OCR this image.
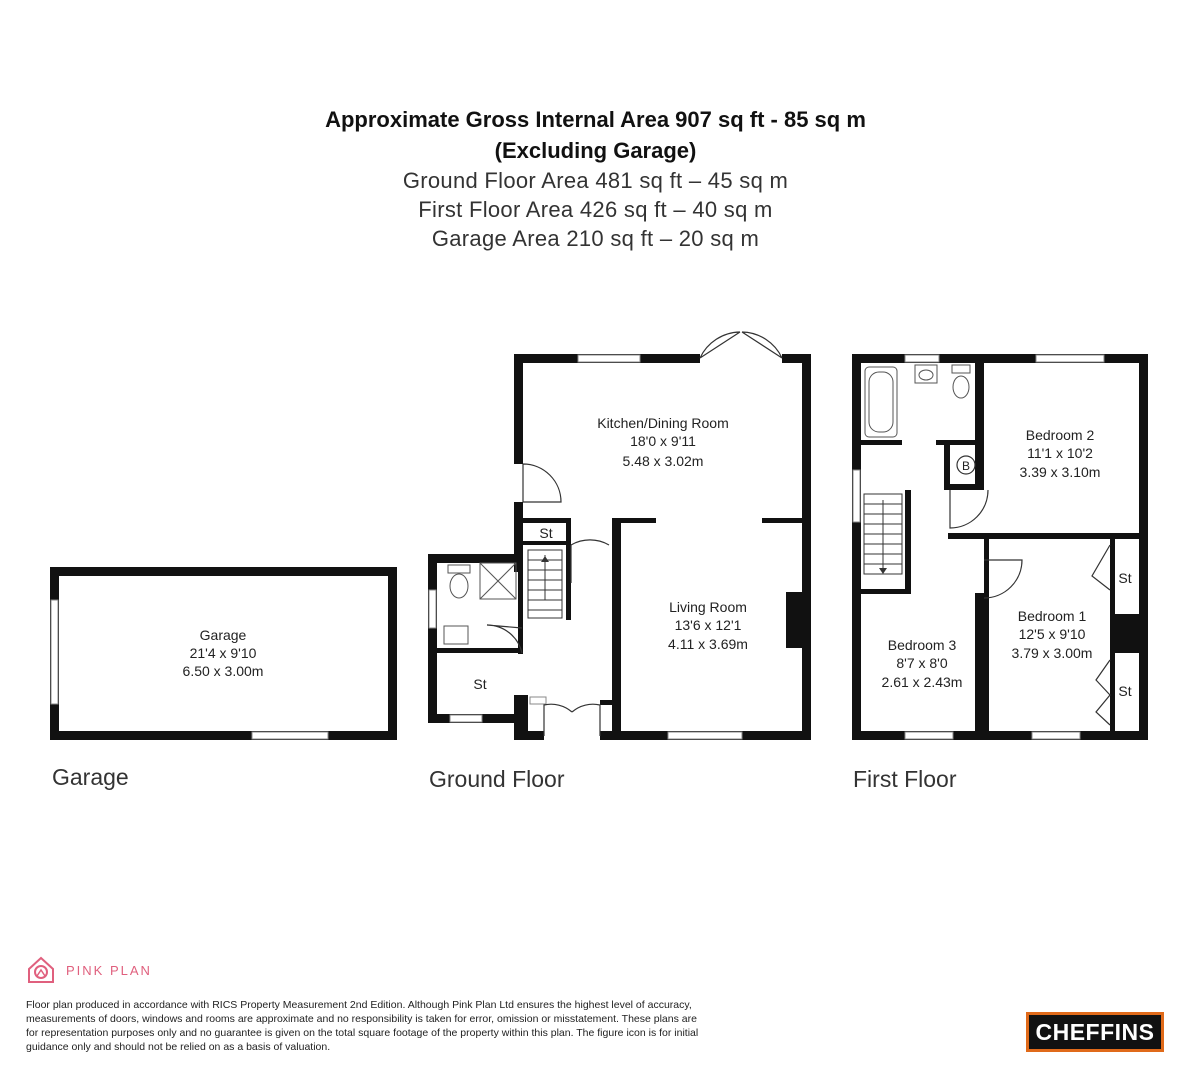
Approximate Gross Internal Area 907 sq ft - 85 sq m
(Excluding Garage)
Ground Floor Area 481 sq ft – 45 sq m
First Floor Area 426 sq ft – 40 sq m
Garage Area 210 sq ft – 20 sq m
B
Garage
21'4 x 9'10
6.50 x 3.00m
Kitchen/Dining Room
18'0 x 9'11
5.48 x 3.02m
Living Room
13'6 x 12'1
4.11 x 3.69m
Bedroom 2
11'1 x 10'2
3.39 x 3.10m
Bedroom 1
12'5 x 9'10
3.79 x 3.00m
Bedroom 3
8'7 x 8'0
2.61 x 2.43m
St
St
St
St
Garage	Ground Floor	First Floor
PINK PLAN
Floor plan produced in accordance with RICS Property Measurement 2nd Edition. Although Pink Plan Ltd ensures the highest level of accuracy, measurements of doors, windows and rooms are approximate and no responsibility is taken for error, omission or misstatement. These plans are for representation purposes only and no guarantee is given on the total square footage of the property within this plan. The figure icon is for initial guidance only and should not be relied on as a basis of valuation.
CHEFFINS
